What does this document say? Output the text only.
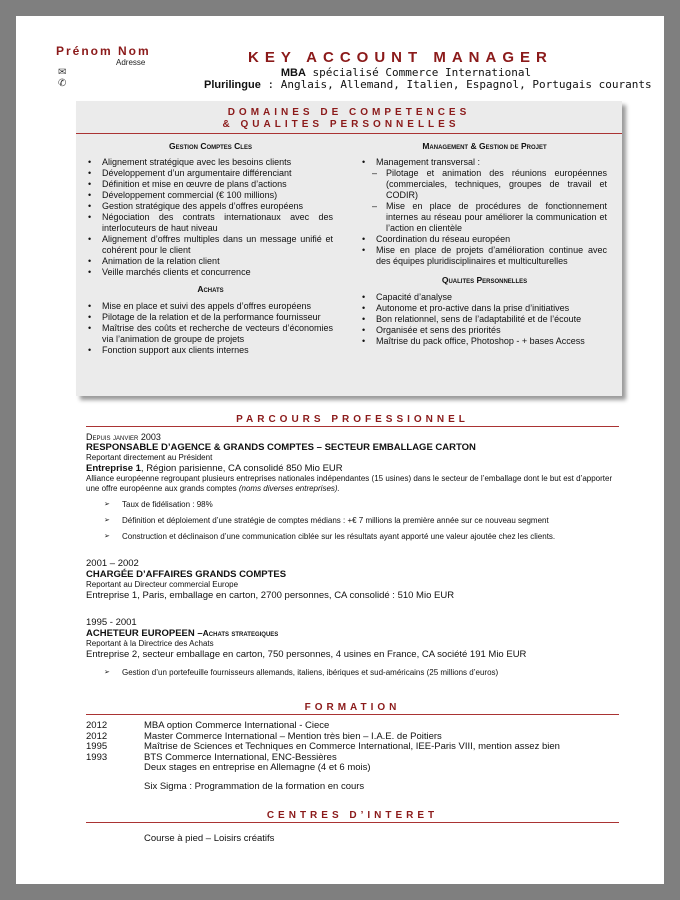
Prénom Nom
Adresse
✉
✆
KEY ACCOUNT MANAGER
MBA spécialisé Commerce International
Plurilingue : Anglais, Allemand, Italien, Espagnol, Portugais courants
DOMAINES DE COMPETENCES
& QUALITES PERSONNELLES
Gestion Comptes Cles
• Alignement stratégique avec les besoins clients
• Développement d’un argumentaire différenciant
• Définition et mise en œuvre de plans d’actions
• Développement commercial (€ 100 millions)
• Gestion stratégique des appels d’offres européens
• Négociation des contrats internationaux avec des interlocuteurs de haut niveau
• Alignement d’offres multiples dans un message unifié et cohérent pour le client
• Animation de la relation client
• Veille marchés clients et concurrence
Achats
• Mise en place et suivi des appels d’offres européens
• Pilotage de la relation et de la performance fournisseur
• Maîtrise des coûts et recherche de vecteurs d’économies via l’animation de groupe de projets
• Fonction support aux clients internes
Management & Gestion de Projet
• Management transversal :
– Pilotage et animation des réunions européennes (commerciales, techniques, groupes de travail et CODIR)
– Mise en place de procédures de fonctionnement internes au réseau pour améliorer la communication et l’action en clientèle
• Coordination du réseau européen
• Mise en place de projets d’amélioration continue avec des équipes pluridisciplinaires et multiculturelles
Qualites Personnelles
• Capacité d’analyse
• Autonome et pro-active dans la prise d’initiatives
• Bon relationnel, sens de l’adaptabilité et de l’écoute
• Organisée et sens des priorités
• Maîtrise du pack office, Photoshop - + bases Access
PARCOURS PROFESSIONNEL
Depuis janvier 2003
RESPONSABLE D’AGENCE & GRANDS COMPTES – SECTEUR EMBALLAGE CARTON
Reportant directement au Président
Entreprise 1, Région parisienne, CA consolidé 850 Mio EUR
Alliance européenne regroupant plusieurs entreprises nationales indépendantes (15 usines) dans le secteur de l’emballage dont le but est d’apporter une offre européenne aux grands comptes (noms diverses entreprises).
➢ Taux de fidélisation : 98%
➢ Définition et déploiement d’une stratégie de comptes médians : +€ 7 millions la première année sur ce nouveau segment
➢ Construction et déclinaison d’une communication ciblée sur les résultats ayant apporté une valeur ajoutée chez les clients.
2001 – 2002
CHARGÉE D’AFFAIRES GRANDS COMPTES
Reportant au Directeur commercial Europe
Entreprise 1, Paris, emballage en carton, 2700 personnes, CA consolidé : 510 Mio EUR
1995 - 2001
ACHETEUR EUROPEEN –Achats strategiques
Reportant à la Directrice des Achats
Entreprise 2, secteur emballage en carton, 750 personnes, 4 usines en France, CA société 191 Mio EUR
➢ Gestion d’un portefeuille fournisseurs allemands, italiens, ibériques et sud-américains (25 millions d’euros)
FORMATION
2012	MBA option Commerce International - Ciece
2012	Master Commerce International – Mention très bien – I.A.E. de Poitiers
1995	Maîtrise de Sciences et Techniques en Commerce International, IEE-Paris VIII, mention assez bien
1993	BTS Commerce International, ENC-Bessières
Deux stages en entreprise en Allemagne (4 et 6 mois)
Six Sigma : Programmation de la formation en cours
CENTRES D’INTERET
Course à pied – Loisirs créatifs
